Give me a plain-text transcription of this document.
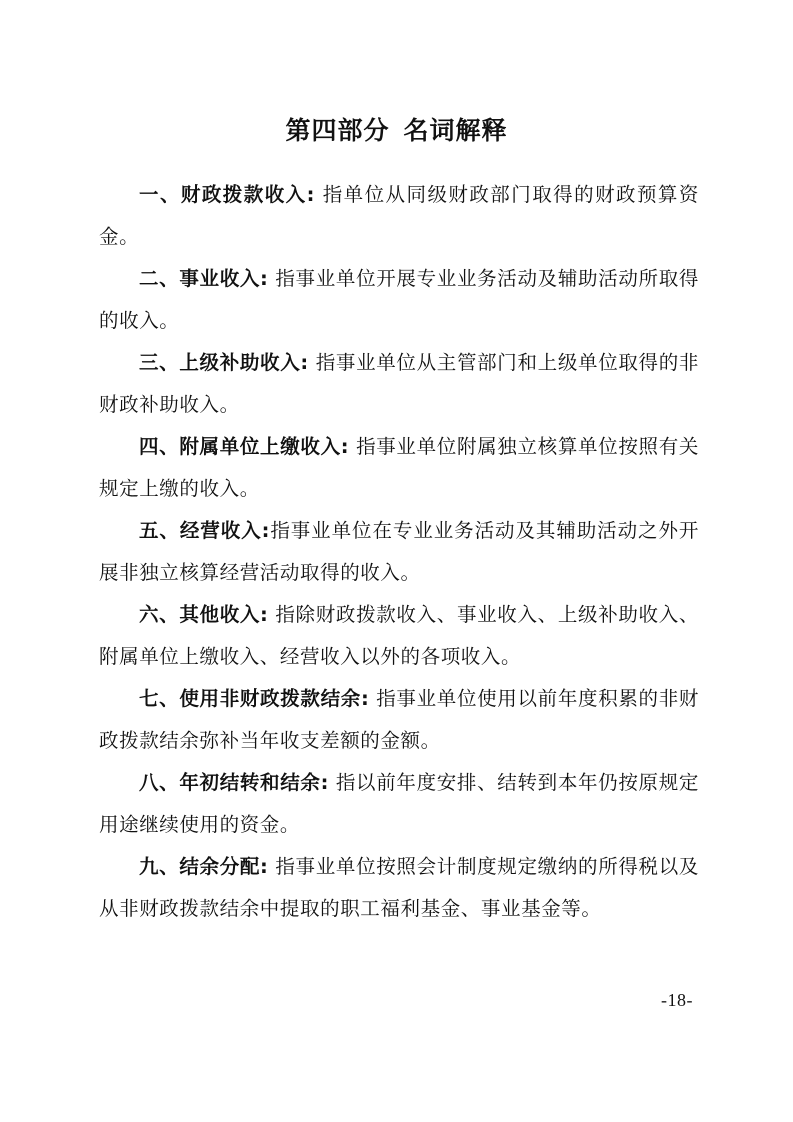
第四部分 名词解释

一、财政拨款收入: 指单位从同级财政部门取得的财政预算资金。

二、事业收入: 指事业单位开展专业业务活动及辅助活动所取得的收入。

三、上级补助收入: 指事业单位从主管部门和上级单位取得的非财政补助收入。

四、附属单位上缴收入: 指事业单位附属独立核算单位按照有关规定上缴的收入。

五、经营收入:指事业单位在专业业务活动及其辅助活动之外开展非独立核算经营活动取得的收入。

六、其他收入: 指除财政拨款收入、事业收入、上级补助收入、附属单位上缴收入、经营收入以外的各项收入。

七、使用非财政拨款结余: 指事业单位使用以前年度积累的非财政拨款结余弥补当年收支差额的金额。

八、年初结转和结余: 指以前年度安排、结转到本年仍按原规定用途继续使用的资金。

九、结余分配: 指事业单位按照会计制度规定缴纳的所得税以及从非财政拨款结余中提取的职工福利基金、事业基金等。

-18-
